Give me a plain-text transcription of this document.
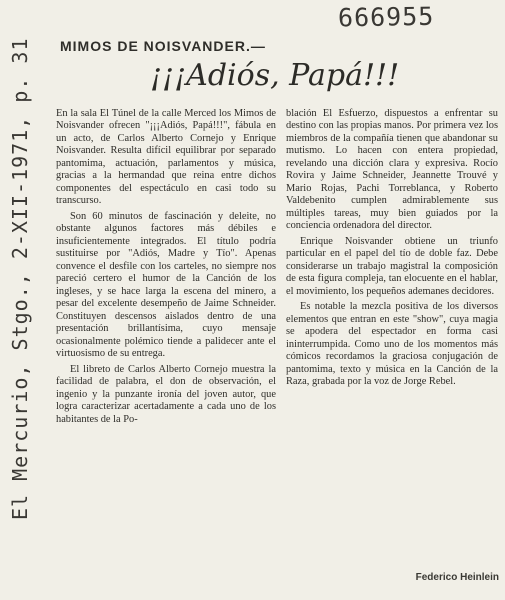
666955
El Mercurio, Stgo., 2-XII-1971, p. 31 MIMOS DE NOISVANDER.—
¡¡¡Adiós, Papá!!!

En la sala El Túnel de la calle Merced los Mimos de Noisvander ofrecen "¡¡¡Adiós, Papá!!!", fábula en un acto, de Carlos Alberto Cornejo y Enrique Noisvander. Resulta difícil equilibrar por separado pantomima, actuación, parlamentos y música, gracias a la hermandad que reina entre dichos componentes del espectáculo en casi todo su transcurso.

Son 60 minutos de fascinación y deleite, no obstante algunos factores más débiles e insuficientemente integrados. El título podría sustituirse por "Adiós, Madre y Tío". Apenas convence el desfile con los carteles, no siempre nos pareció certero el humor de la Canción de los ingleses, y se hace larga la escena del minero, a pesar del excelente desempeño de Jaime Schneider. Constituyen descensos aislados dentro de una presentación brillantísima, cuyo mensaje ocasionalmente polémico tiende a palidecer ante el virtuosismo de su entrega.

El libreto de Carlos Alberto Cornejo muestra la facilidad de palabra, el don de observación, el ingenio y la punzante ironía del joven autor, que logra caracterizar acertadamente a cada uno de los habitantes de la Po-

blación El Esfuerzo, dispuestos a enfrentar su destino con las propias manos. Por primera vez los miembros de la compañía tienen que abandonar su mutismo. Lo hacen con entera propiedad, revelando una dicción clara y expresiva. Rocío Rovira y Jaime Schneider, Jeannette Trouvé y Mario Rojas, Pachi Torreblanca, y Roberto Valdebenito cumplen admirablemente sus múltiples tareas, muy bien guiados por la conciencia ordenadora del director.

Enrique Noisvander obtiene un triunfo particular en el papel del tío de doble faz. Debe considerarse un trabajo magistral la composición de esta figura compleja, tan elocuente en el hablar, el movimiento, los pequeños ademanes decidores.

Es notable la mezcla positiva de los diversos elementos que entran en este "show", cuya magia se apodera del espectador en forma casi ininterrumpida. Como uno de los momentos más cómicos recordamos la graciosa conjugación de pantomima, texto y música en la Canción de la Raza, grabada por la voz de Jorge Rebel.

Federico Heinlein
